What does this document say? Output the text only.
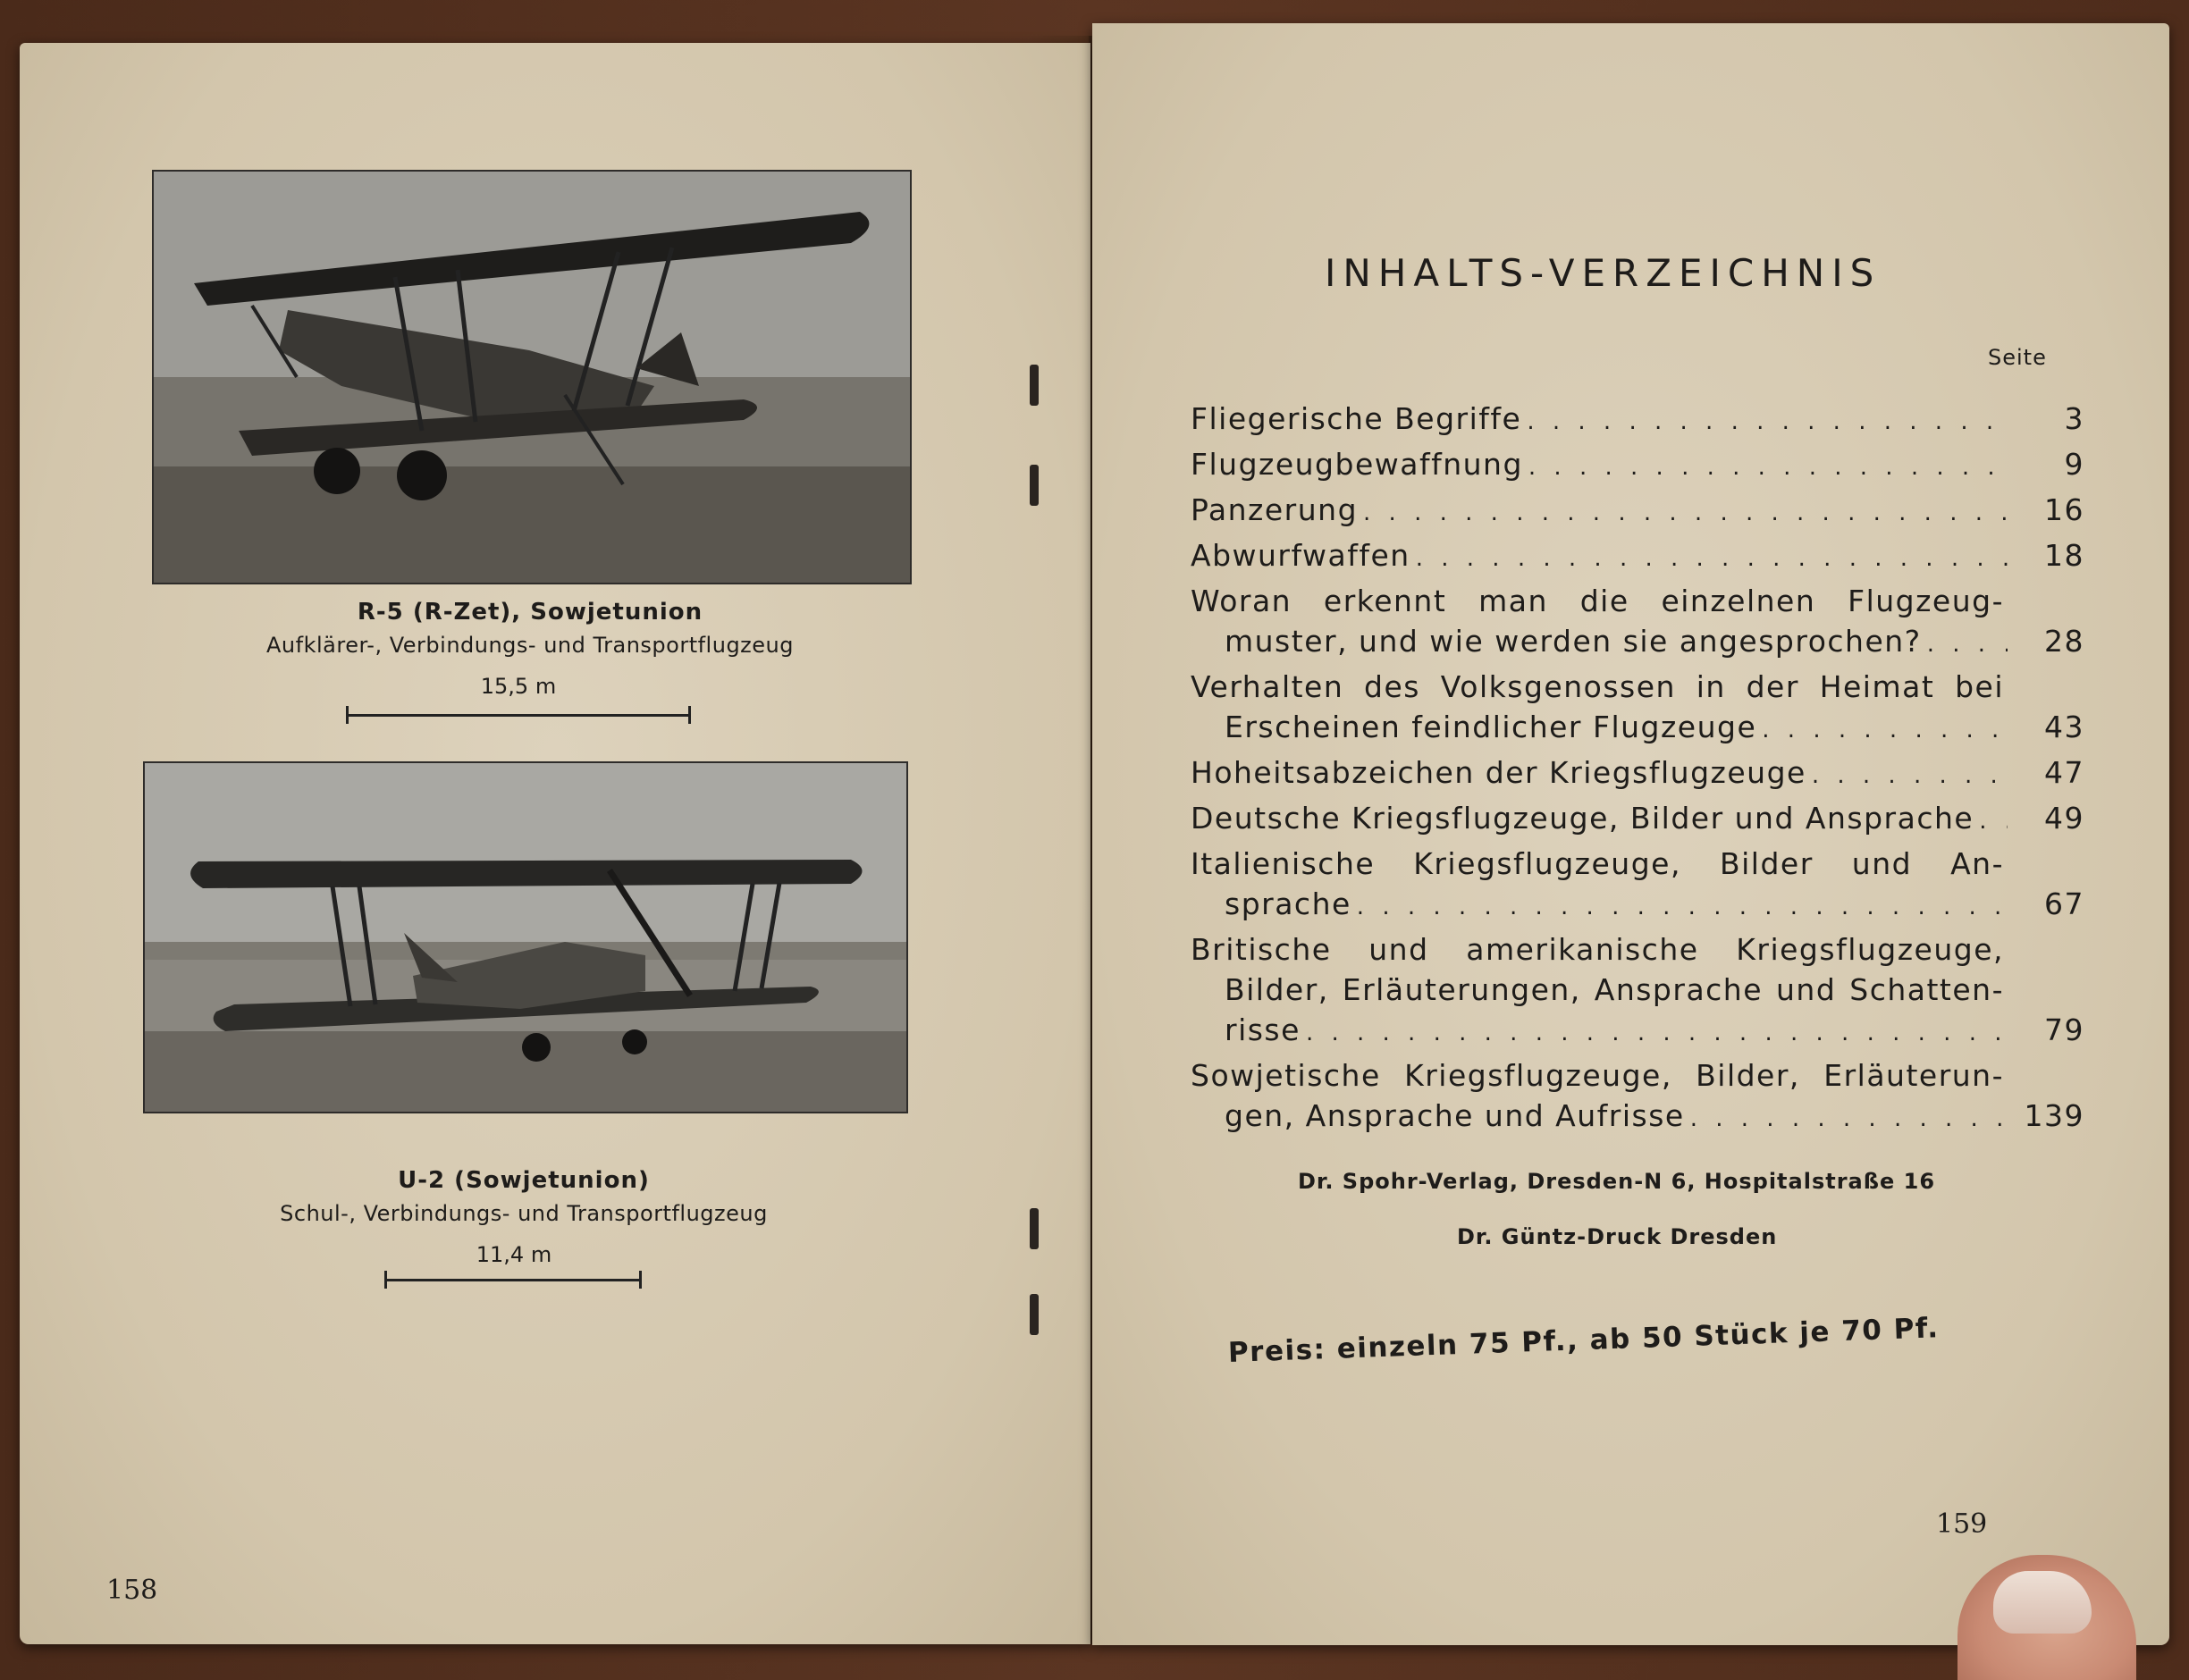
R-5 (R-Zet), Sowjetunion
Aufklärer-, Verbindungs- und Transportflugzeug
15,5 m
U-2 (Sowjetunion)
Schul-, Verbindungs- und Transportflugzeug
11,4 m
158
INHALTS-VERZEICHNIS
Seite
Fliegerische Begriffe . . .	3
Flugzeugbewaffnung . . .	9
Panzerung . . .	16
Abwurfwaffen . . .	18
Woran erkennt man die einzelnen Flugzeug-
muster, und wie werden sie angesprochen? . . .	28
Verhalten des Volksgenossen in der Heimat bei
Erscheinen feindlicher Flugzeuge . . .	43
Hoheitsabzeichen der Kriegsflugzeuge . . .	47
Deutsche Kriegsflugzeuge, Bilder und Ansprache . . .	49
Italienische Kriegsflugzeuge, Bilder und An-
sprache . . .	67
Britische und amerikanische Kriegsflugzeuge,
Bilder, Erläuterungen, Ansprache und Schatten-
risse . . .	79
Sowjetische Kriegsflugzeuge, Bilder, Erläuterun-
gen, Ansprache und Aufrisse . . .	139
Dr. Spohr-Verlag, Dresden-N 6, Hospitalstraße 16
Dr. Güntz-Druck Dresden
Preis: einzeln 75 Pf., ab 50 Stück je 70 Pf.
159
